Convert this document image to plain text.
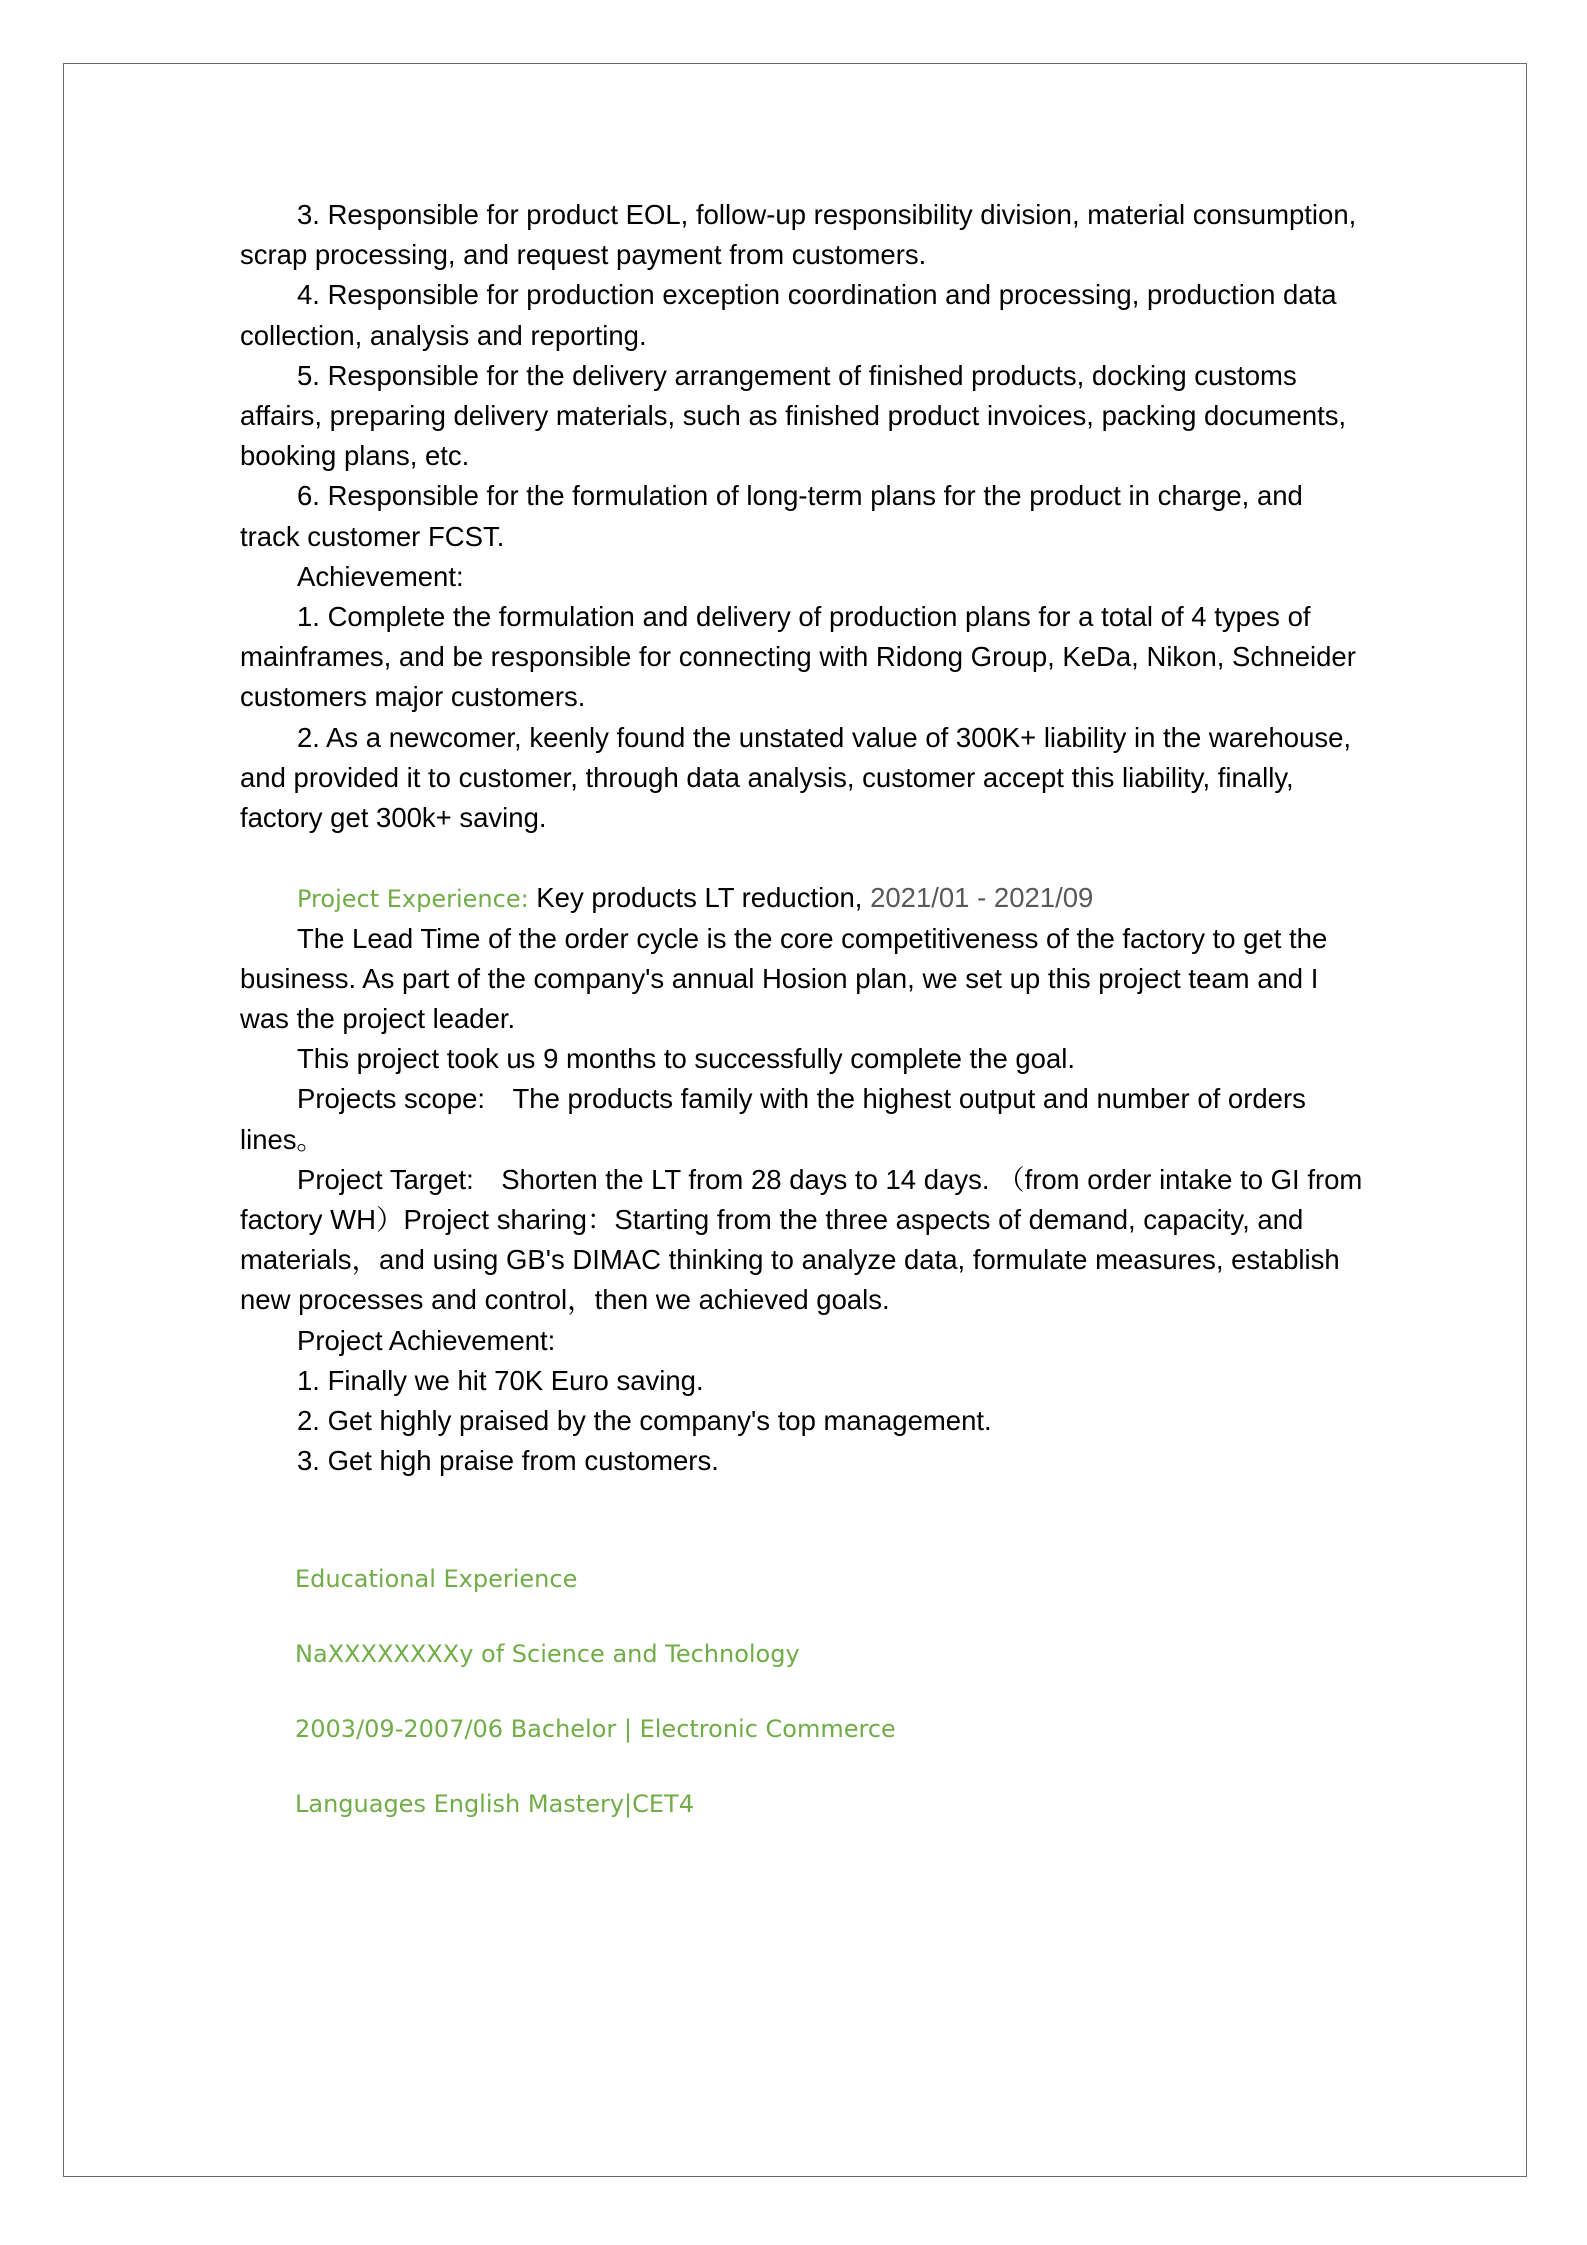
3. Responsible for product EOL, follow-up responsibility division, material consumption, scrap processing, and request payment from customers.

4. Responsible for production exception coordination and processing, production data collection, analysis and reporting.

5. Responsible for the delivery arrangement of finished products, docking customs affairs, preparing delivery materials, such as finished product invoices, packing documents, booking plans, etc.

6. Responsible for the formulation of long-term plans for the product in charge, and track customer FCST.

Achievement:

1. Complete the formulation and delivery of production plans for a total of 4 types of mainframes, and be responsible for connecting with Ridong Group, KeDa, Nikon, Schneider customers major customers.

2. As a newcomer, keenly found the unstated value of 300K+ liability in the warehouse, and provided it to customer, through data analysis, customer accept this liability, finally, factory get 300k+ saving.

Project Experience: Key products LT reduction, 2021/01 - 2021/09

The Lead Time of the order cycle is the core competitiveness of the factory to get the business. As part of the company's annual Hosion plan, we set up this project team and I was the project leader.

This project took us 9 months to successfully complete the goal.

Projects scope:　The products family with the highest output and number of orders lines。

Project Target:　Shorten the LT from 28 days to 14 days. （from order intake to GI from factory WH）Project sharing：Starting from the three aspects of demand, capacity, and materials，and using GB's DIMAC thinking to analyze data, formulate measures, establish new processes and control，then we achieved goals.

Project Achievement:

1. Finally we hit 70K Euro saving.

2. Get highly praised by the company's top management.

3. Get high praise from customers.

Educational Experience

NaXXXXXXXXy of Science and Technology

2003/09-2007/06 Bachelor | Electronic Commerce

Languages English Mastery|CET4
